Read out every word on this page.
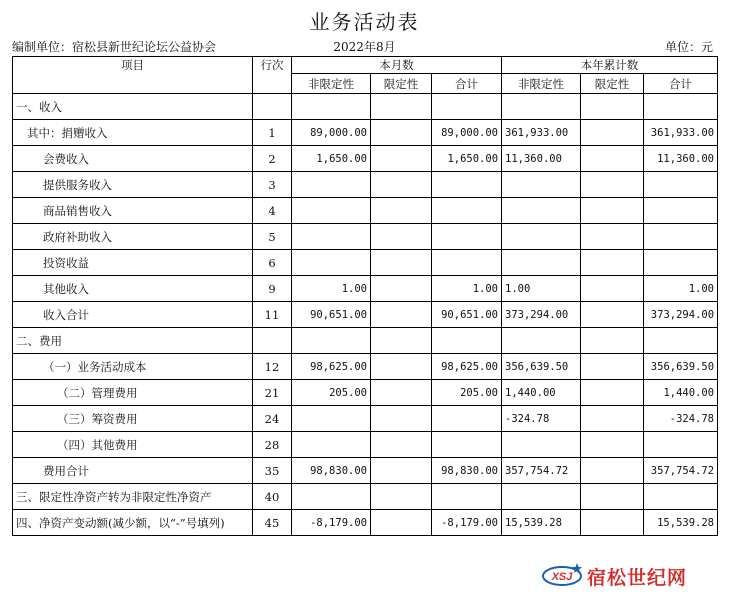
业务活动表
编制单位：宿松县新世纪论坛公益协会	2022年8月	单位：元
项目	行次	本月数			本年累计数		
		非限定性	限定性	合计	非限定性	限定性	合计
一、收入							
其中：捐赠收入	1	89,000.00		89,000.00	361,933.00		361,933.00
会费收入	2	1,650.00		1,650.00	11,360.00		11,360.00
提供服务收入	3						
商品销售收入	4						
政府补助收入	5						
投资收益	6						
其他收入	9	1.00		1.00	1.00		1.00
收入合计	11	90,651.00		90,651.00	373,294.00		373,294.00
二、费用							
（一）业务活动成本	12	98,625.00		98,625.00	356,639.50		356,639.50
（二）管理费用	21	205.00		205.00	1,440.00		1,440.00
（三）筹资费用	24				-324.78		-324.78
（四）其他费用	28						
费用合计	35	98,830.00		98,830.00	357,754.72		357,754.72
三、限定性净资产转为非限定性净资产	40						
四、净资产变动额(减少额，以“-”号填列)	45	-8,179.00		-8,179.00	15,539.28		15,539.28
XSJ 宿松世纪网
